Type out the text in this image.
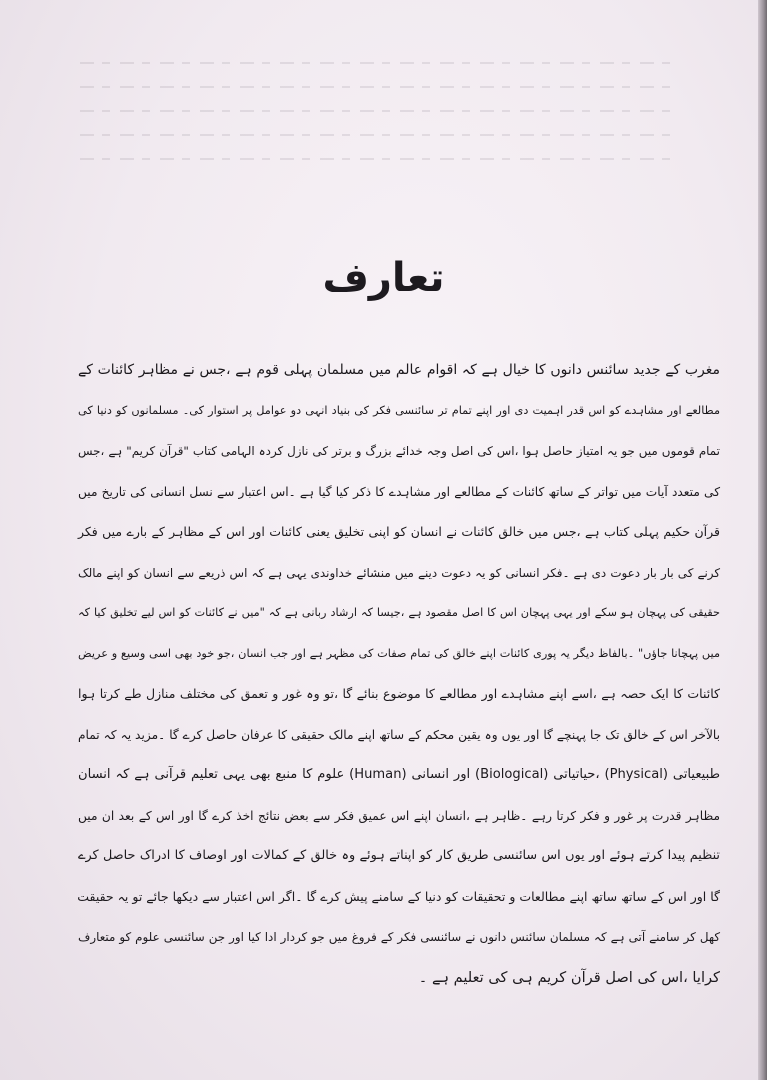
تعارف
مغرب کے جدید سائنس دانوں کا خیال ہے کہ اقوام عالم میں مسلمان پہلی قوم ہے ،جس نے مظاہر کائنات کے
مطالعے اور مشاہدے کو اس قدر اہمیت دی اور اپنے تمام تر سائنسی فکر کی بنیاد انہی دو عوامل پر استوار کی۔ مسلمانوں کو دنیا کی
تمام قوموں میں جو یہ امتیاز حاصل ہوا ،اس کی اصل وجہ خدائے بزرگ و برتر کی نازل کردہ الہامی کتاب "قرآن کریم" ہے ،جس
کی متعدد آیات میں تواتر کے ساتھ کائنات کے مطالعے اور مشاہدے کا ذکر کیا گیا ہے ۔اس اعتبار سے نسل انسانی کی تاریخ میں
قرآن حکیم پہلی کتاب ہے ،جس میں خالق کائنات نے انسان کو اپنی تخلیق یعنی کائنات اور اس کے مظاہر کے بارے میں فکر
کرنے کی بار بار دعوت دی ہے ۔فکر انسانی کو یہ دعوت دینے میں منشائے خداوندی یہی ہے کہ اس ذریعے سے انسان کو اپنے مالک
حقیقی کی پہچان ہو سکے اور یہی پہچان اس کا اصل مقصود ہے ،جیسا کہ ارشاد ربانی ہے کہ "میں نے کائنات کو اس لیے تخلیق کیا کہ
میں پہچانا جاؤں" ۔بالفاظ دیگر یہ پوری کائنات اپنے خالق کی تمام صفات کی مظہر ہے اور جب انسان ،جو خود بھی اسی وسیع و عریض
کائنات کا ایک حصہ ہے ،اسے اپنے مشاہدے اور مطالعے کا موضوع بنائے گا ،تو وہ غور و تعمق کی مختلف منازل طے کرتا ہوا
بالآخر اس کے خالق تک جا پہنچے گا اور یوں وہ یقین محکم کے ساتھ اپنے مالک حقیقی کا عرفان حاصل کرے گا ۔مزید یہ کہ تمام
طبیعیاتی (Physical) ،حیاتیاتی (Biological) اور انسانی (Human) علوم کا منبع بھی یہی تعلیم قرآنی ہے کہ انسان
مظاہر قدرت پر غور و فکر کرتا رہے ۔ظاہر ہے ،انسان اپنے اس عمیق فکر سے بعض نتائج اخذ کرے گا اور اس کے بعد ان میں
تنظیم پیدا کرتے ہوئے اور یوں اس سائنسی طریق کار کو اپناتے ہوئے وہ خالق کے کمالات اور اوصاف کا ادراک حاصل کرے
گا اور اس کے ساتھ ساتھ اپنے مطالعات و تحقیقات کو دنیا کے سامنے پیش کرے گا ۔اگر اس اعتبار سے دیکھا جائے تو یہ حقیقت
کھل کر سامنے آتی ہے کہ مسلمان سائنس دانوں نے سائنسی فکر کے فروغ میں جو کردار ادا کیا اور جن سائنسی علوم کو متعارف
کرایا ،اس کی اصل قرآن کریم ہی کی تعلیم ہے ۔
